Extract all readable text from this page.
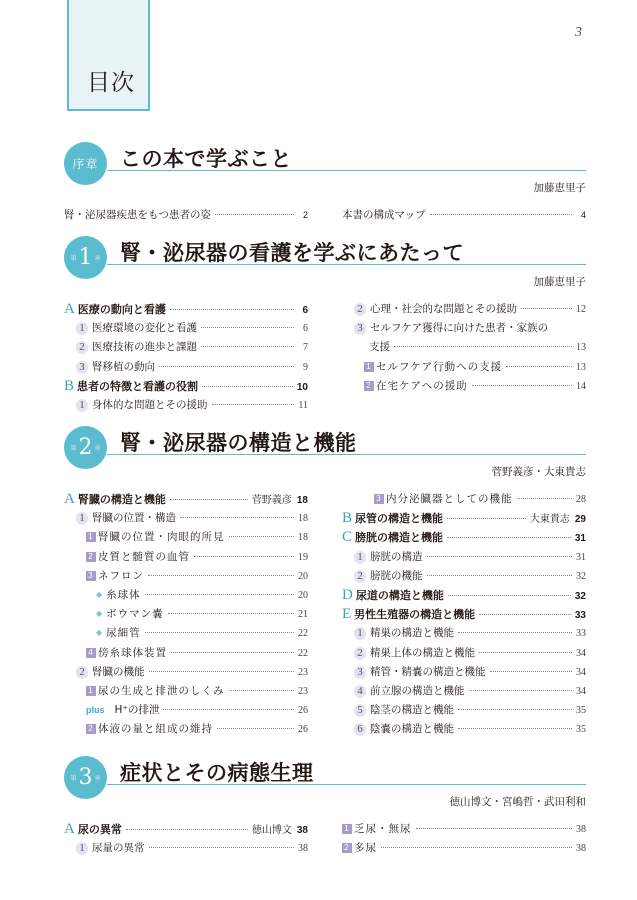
目次
3
序章 この本で学ぶこと
加藤恵里子
腎・泌尿器疾患をもつ患者の姿	2	本書の構成マップ	4
第 1 章 腎・泌尿器の看護を学ぶにあたって
加藤恵里子
A 医療の動向と看護	6
1 医療環境の変化と看護	6
2 医療技術の進歩と課題	7
3 腎移植の動向	9
B 患者の特徴と看護の役割	10
1 身体的な問題とその援助	11
2 心理・社会的な問題とその援助	12
3 セルフケア獲得に向けた患者・家族の
支援	13
1 セルフケア行動への支援	13
2 在宅ケアへの援助	14
第 2 章 腎・泌尿器の構造と機能
菅野義彦・大東貴志
A 腎臓の構造と機能	菅野義彦 18
1 腎臓の位置・構造	18
1 腎臓の位置・肉眼的所見	18
2 皮質と髄質の血管	19
3 ネフロン	20
◆ 糸球体	20
◆ ボウマン嚢	21
◆ 尿細管	22
4 傍糸球体装置	22
2 腎臓の機能	23
1 尿の生成と排泄のしくみ	23
plus H⁺の排泄	26
2 体液の量と組成の維持	26
3 内分泌臓器としての機能	28
B 尿管の構造と機能	大東貴志 29
C 膀胱の構造と機能	31
1 膀胱の構造	31
2 膀胱の機能	32
D 尿道の構造と機能	32
E 男性生殖器の構造と機能	33
1 精巣の構造と機能	33
2 精巣上体の構造と機能	34
3 精管・精嚢の構造と機能	34
4 前立腺の構造と機能	34
5 陰茎の構造と機能	35
6 陰嚢の構造と機能	35
第 3 章 症状とその病態生理
徳山博文・宮嶋哲・武田利和
A 尿の異常	徳山博文 38
1 尿量の異常	38
1 乏尿・無尿	38
2 多尿	38
